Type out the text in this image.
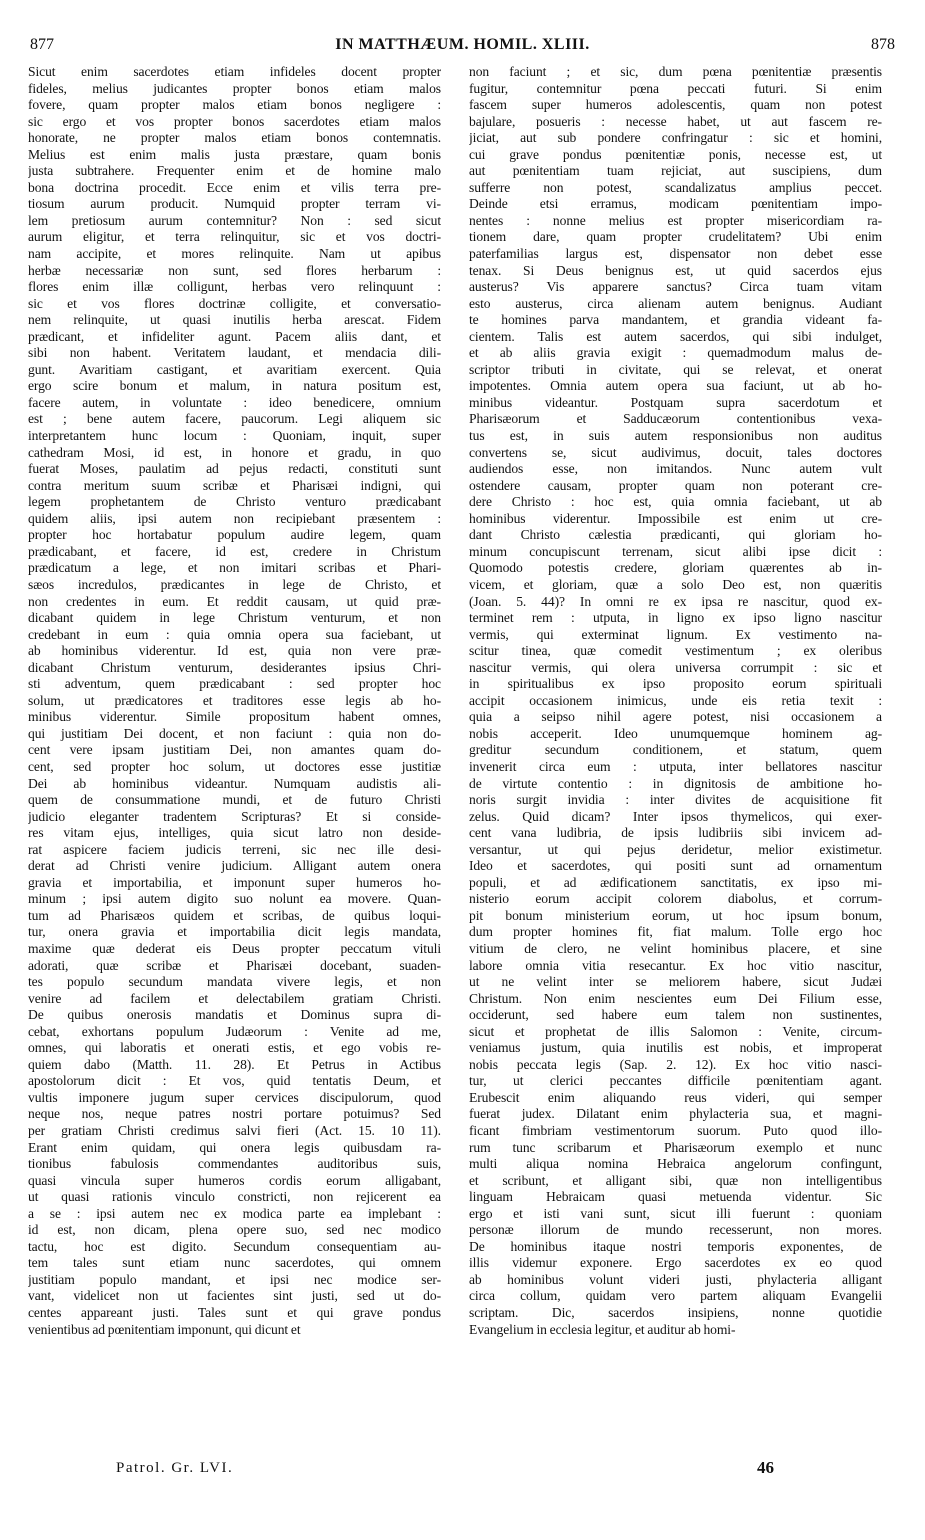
877	IN MATTHÆUM. HOMIL. XLIII.	878
Sicut enim sacerdotes etiam infideles docent propter
fideles, melius judicantes propter bonos etiam malos
fovere, quam propter malos etiam bonos negligere :
sic ergo et vos propter bonos sacerdotes etiam malos
honorate, ne propter malos etiam bonos contemnatis.
Melius est enim malis justa præstare, quam bonis
justa subtrahere. Frequenter enim et de homine malo
bona doctrina procedit. Ecce enim et vilis terra pre-
tiosum aurum producit. Numquid propter terram vi-
lem pretiosum aurum contemnitur? Non : sed sicut
aurum eligitur, et terra relinquitur, sic et vos doctri-
nam accipite, et mores relinquite. Nam ut apibus
herbæ necessariæ non sunt, sed flores herbarum :
flores enim illæ colligunt, herbas vero relinquunt :
sic et vos flores doctrinæ colligite, et conversatio-
nem relinquite, ut quasi inutilis herba arescat. Fidem
prædicant, et infideliter agunt. Pacem aliis dant, et
sibi non habent. Veritatem laudant, et mendacia dili-
gunt. Avaritiam castigant, et avaritiam exercent. Quia
ergo scire bonum et malum, in natura positum est,
facere autem, in voluntate : ideo benedicere, omnium
est ; bene autem facere, paucorum. Legi aliquem sic
interpretantem hunc locum : Quoniam, inquit, super
cathedram Mosi, id est, in honore et gradu, in quo
fuerat Moses, paulatim ad pejus redacti, constituti sunt
contra meritum suum scribæ et Pharisæi indigni, qui
legem prophetantem de Christo venturo prædicabant
quidem aliis, ipsi autem non recipiebant præsentem :
propter hoc hortabatur populum audire legem, quam
prædicabant, et facere, id est, credere in Christum
prædicatum a lege, et non imitari scribas et Phari-
sæos incredulos, prædicantes in lege de Christo, et
non credentes in eum. Et reddit causam, ut quid præ-
dicabant quidem in lege Christum venturum, et non
credebant in eum : quia omnia opera sua faciebant, ut
ab hominibus viderentur. Id est, quia non vere præ-
dicabant Christum venturum, desiderantes ipsius Chri-
sti adventum, quem prædicabant : sed propter hoc
solum, ut prædicatores et traditores esse legis ab ho-
minibus viderentur. Simile propositum habent omnes,
qui justitiam Dei docent, et non faciunt : quia non do-
cent vere ipsam justitiam Dei, non amantes quam do-
cent, sed propter hoc solum, ut doctores esse justitiæ
Dei ab hominibus videantur. Numquam audistis ali-
quem de consummatione mundi, et de futuro Christi
judicio eleganter tradentem Scripturas? Et si conside-
res vitam ejus, intelliges, quia sicut latro non deside-
rat aspicere faciem judicis terreni, sic nec ille desi-
derat ad Christi venire judicium. Alligant autem onera
gravia et importabilia, et imponunt super humeros ho-
minum ; ipsi autem digito suo nolunt ea movere. Quan-
tum ad Pharisæos quidem et scribas, de quibus loqui-
tur, onera gravia et importabilia dicit legis mandata,
maxime quæ dederat eis Deus propter peccatum vituli
adorati, quæ scribæ et Pharisæi docebant, suaden-
tes populo secundum mandata vivere legis, et non
venire ad facilem et delectabilem gratiam Christi.
De quibus onerosis mandatis et Dominus supra di-
cebat, exhortans populum Judæorum : Venite ad me,
omnes, qui laboratis et onerati estis, et ego vobis re-
quiem dabo (Matth. 11. 28). Et Petrus in Actibus
apostolorum dicit : Et vos, quid tentatis Deum, et
vultis imponere jugum super cervices discipulorum, quod
neque nos, neque patres nostri portare potuimus? Sed
per gratiam Christi credimus salvi fieri (Act. 15. 10 11).
Erant enim quidam, qui onera legis quibusdam ra-
tionibus fabulosis commendantes auditoribus suis,
quasi vincula super humeros cordis eorum alligabant,
ut quasi rationis vinculo constricti, non rejicerent ea
a se : ipsi autem nec ex modica parte ea implebant :
id est, non dicam, plena opere suo, sed nec modico
tactu, hoc est digito. Secundum consequentiam au-
tem tales sunt etiam nunc sacerdotes, qui omnem
justitiam populo mandant, et ipsi nec modice ser-
vant, videlicet non ut facientes sint justi, sed ut do-
centes appareant justi. Tales sunt et qui grave pondus
venientibus ad pœnitentiam imponunt, qui dicunt et
non faciunt ; et sic, dum pœna pœnitentiæ præsentis
fugitur, contemnitur pœna peccati futuri. Si enim
fascem super humeros adolescentis, quam non potest
bajulare, posueris : necesse habet, ut aut fascem re-
jiciat, aut sub pondere confringatur : sic et homini,
cui grave pondus pœnitentiæ ponis, necesse est, ut
aut pœnitentiam tuam rejiciat, aut suscipiens, dum
sufferre non potest, scandalizatus amplius peccet.
Deinde etsi erramus, modicam pœnitentiam impo-
nentes : nonne melius est propter misericordiam ra-
tionem dare, quam propter crudelitatem? Ubi enim
paterfamilias largus est, dispensator non debet esse
tenax. Si Deus benignus est, ut quid sacerdos ejus
austerus? Vis apparere sanctus? Circa tuam vitam
esto austerus, circa alienam autem benignus. Audiant
te homines parva mandantem, et grandia videant fa-
cientem. Talis est autem sacerdos, qui sibi indulget,
et ab aliis gravia exigit : quemadmodum malus de-
scriptor tributi in civitate, qui se relevat, et onerat
impotentes. Omnia autem opera sua faciunt, ut ab ho-
minibus videantur. Postquam supra sacerdotum et
Pharisæorum et Sadducæorum contentionibus vexa-
tus est, in suis autem responsionibus non auditus
convertens se, sicut audivimus, docuit, tales doctores
audiendos esse, non imitandos. Nunc autem vult
ostendere causam, propter quam non poterant cre-
dere Christo : hoc est, quia omnia faciebant, ut ab
hominibus viderentur. Impossibile est enim ut cre-
dant Christo cælestia prædicanti, qui gloriam ho-
minum concupiscunt terrenam, sicut alibi ipse dicit :
Quomodo potestis credere, gloriam quærentes ab in-
vicem, et gloriam, quæ a solo Deo est, non quæritis
(Joan. 5. 44)? In omni re ex ipsa re nascitur, quod ex-
terminet rem : utputa, in ligno ex ipso ligno nascitur
vermis, qui exterminat lignum. Ex vestimento na-
scitur tinea, quæ comedit vestimentum ; ex oleribus
nascitur vermis, qui olera universa corrumpit : sic et
in spiritualibus ex ipso proposito eorum spirituali
accipit occasionem inimicus, unde eis retia texit :
quia a seipso nihil agere potest, nisi occasionem a
nobis acceperit. Ideo unumquemque hominem ag-
greditur secundum conditionem, et statum, quem
invenerit circa eum : utputa, inter bellatores nascitur
de virtute contentio : in dignitosis de ambitione ho-
noris surgit invidia : inter divites de acquisitione fit
zelus. Quid dicam? Inter ipsos thymelicos, qui exer-
cent vana ludibria, de ipsis ludibriis sibi invicem ad-
versantur, ut qui pejus deridetur, melior existimetur.
Ideo et sacerdotes, qui positi sunt ad ornamentum
populi, et ad ædificationem sanctitatis, ex ipso mi-
nisterio eorum accipit colorem diabolus, et corrum-
pit bonum ministerium eorum, ut hoc ipsum bonum,
dum propter homines fit, fiat malum. Tolle ergo hoc
vitium de clero, ne velint hominibus placere, et sine
labore omnia vitia resecantur. Ex hoc vitio nascitur,
ut ne velint inter se meliorem habere, sicut Judæi
Christum. Non enim nescientes eum Dei Filium esse,
occiderunt, sed habere eum talem non sustinentes,
sicut et prophetat de illis Salomon : Venite, circum-
veniamus justum, quia inutilis est nobis, et improperat
nobis peccata legis (Sap. 2. 12). Ex hoc vitio nasci-
tur, ut clerici peccantes difficile pœnitentiam agant.
Erubescit enim aliquando reus videri, qui semper
fuerat judex. Dilatant enim phylacteria sua, et magni-
ficant fimbriam vestimentorum suorum. Puto quod illo-
rum tunc scribarum et Pharisæorum exemplo et nunc
multi aliqua nomina Hebraica angelorum confingunt,
et scribunt, et alligant sibi, quæ non intelligentibus
linguam Hebraicam quasi metuenda videntur. Sic
ergo et isti vani sunt, sicut illi fuerunt : quoniam
personæ illorum de mundo recesserunt, non mores.
De hominibus itaque nostri temporis exponentes, de
illis videmur exponere. Ergo sacerdotes ex eo quod
ab hominibus volunt videri justi, phylacteria alligant
circa collum, quidam vero partem aliquam Evangelii
scriptam. Dic, sacerdos insipiens, nonne quotidie
Evangelium in ecclesia legitur, et auditur ab homi-
Patrol. Gr. LVI.	46
